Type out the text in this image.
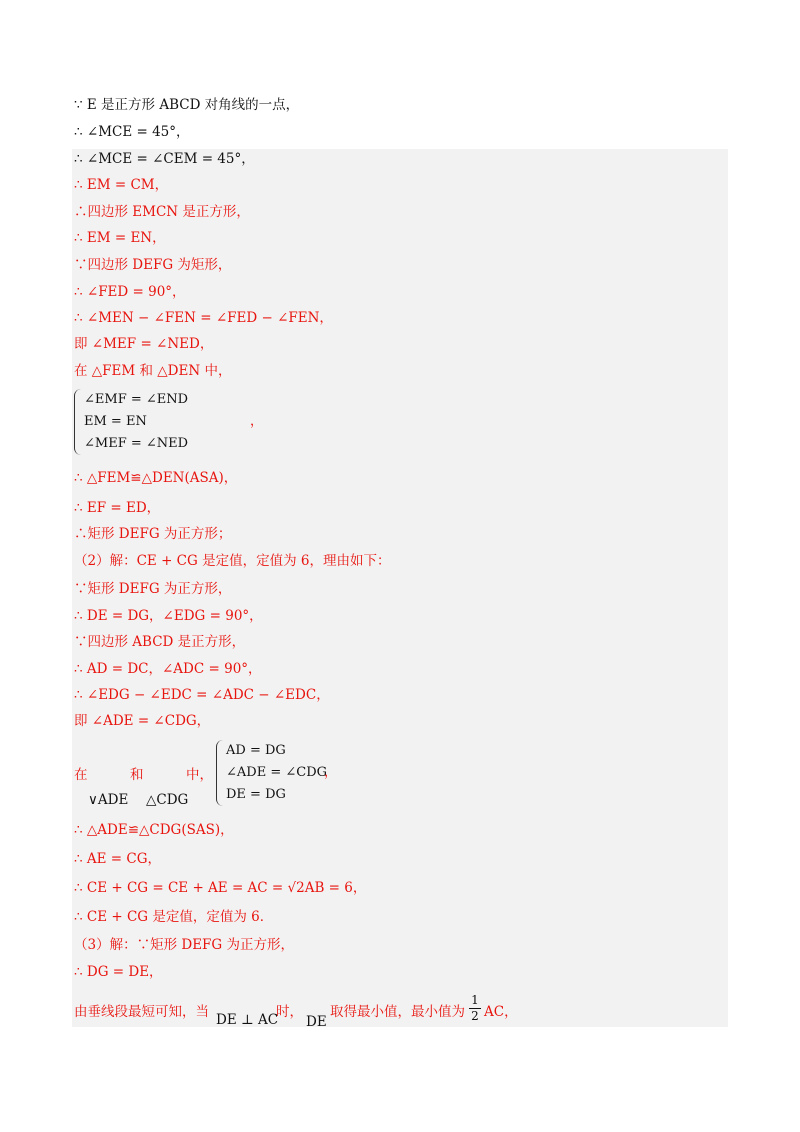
∵ E 是正方形 ABCD 对角线的一点，
∴ ∠MCE = 45°，
∴ ∠MCE = ∠CEM = 45°，
∴ EM = CM，
∴四边形 EMCN 是正方形，
∴ EM = EN，
∵四边形 DEFG 为矩形，
∴ ∠FED = 90°，
∴ ∠MEN − ∠FEN = ∠FED − ∠FEN，
即 ∠MEF = ∠NED，
在 △FEM 和 △DEN 中，
∠EMF = ∠END
EM = EN
∠MEF = ∠NED
，
∴ △FEM≌△DEN(ASA)，
∴ EF = ED，
∴矩形 DEFG 为正方形；
（2）解：CE + CG 是定值，定值为 6，理由如下：
∵矩形 DEFG 为正方形，
∴ DE = DG，∠EDG = 90°，
∵四边形 ABCD 是正方形，
∴ AD = DC，∠ADC = 90°，
∴ ∠EDG − ∠EDC = ∠ADC − ∠EDC，
即 ∠ADE = ∠CDG，
在	和	中，
∨ADE △CDG
AD = DG
∠ADE = ∠CDG
DE = DG
，
∴ △ADE≌△CDG(SAS)，
∴ AE = CG，
∴ CE + CG = CE + AE = AC = √2AB = 6，
∴ CE + CG 是定值，定值为 6．
（3）解：∵矩形 DEFG 为正方形，
∴ DG = DE，
由垂线段最短可知，当 DE ⊥ AC
时，
DE
取得最小值，最小值为 $\frac{1}{2}$ AC，
